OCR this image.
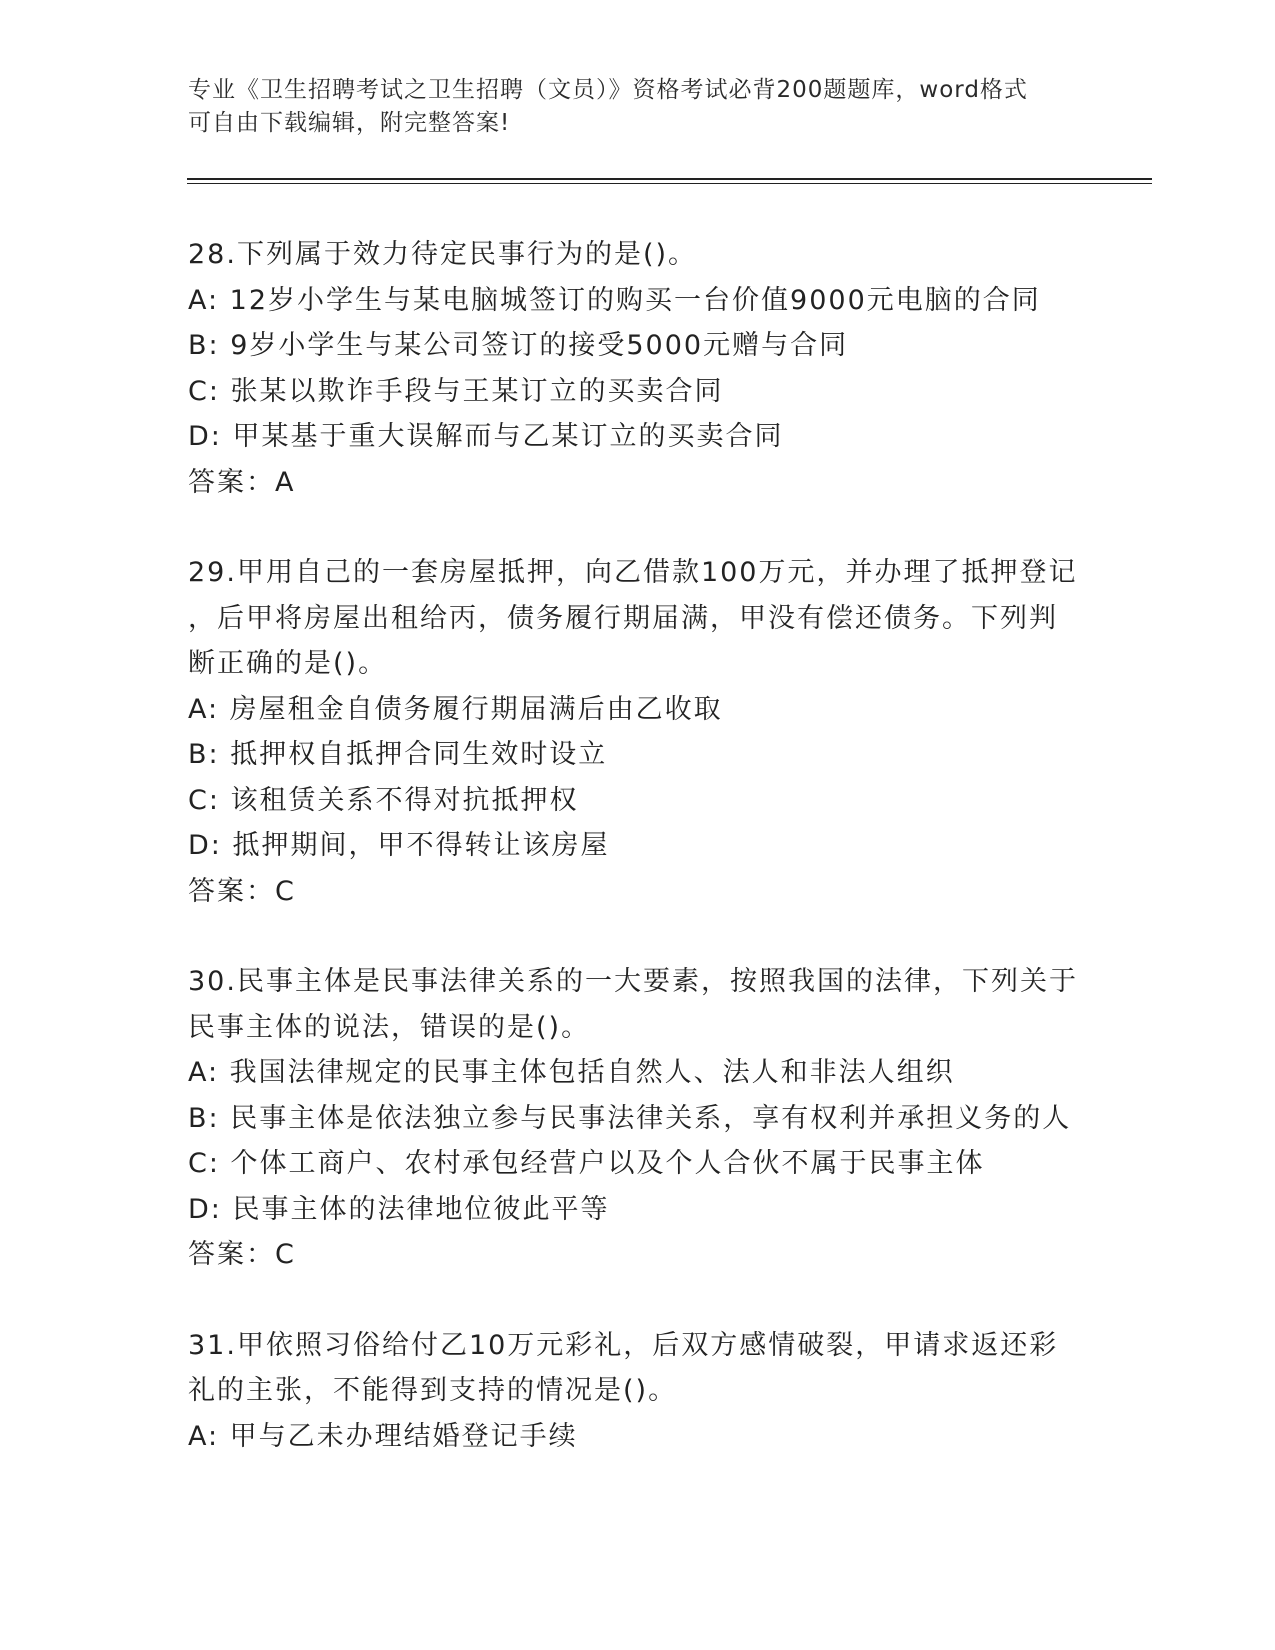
专业《卫生招聘考试之卫生招聘（文员）》资格考试必背200题题库，word格式
可自由下载编辑，附完整答案!
28.下列属于效力待定民事行为的是()。
A: 12岁小学生与某电脑城签订的购买一台价值9000元电脑的合同
B: 9岁小学生与某公司签订的接受5000元赠与合同
C: 张某以欺诈手段与王某订立的买卖合同
D: 甲某基于重大误解而与乙某订立的买卖合同
答案：A
29.甲用自己的一套房屋抵押，向乙借款100万元，并办理了抵押登记
，后甲将房屋出租给丙，债务履行期届满，甲没有偿还债务。下列判
断正确的是()。
A: 房屋租金自债务履行期届满后由乙收取
B: 抵押权自抵押合同生效时设立
C: 该租赁关系不得对抗抵押权
D: 抵押期间，甲不得转让该房屋
答案：C
30.民事主体是民事法律关系的一大要素，按照我国的法律，下列关于
民事主体的说法，错误的是()。
A: 我国法律规定的民事主体包括自然人、法人和非法人组织
B: 民事主体是依法独立参与民事法律关系，享有权利并承担义务的人
C: 个体工商户、农村承包经营户以及个人合伙不属于民事主体
D: 民事主体的法律地位彼此平等
答案：C
31.甲依照习俗给付乙10万元彩礼，后双方感情破裂，甲请求返还彩
礼的主张，不能得到支持的情况是()。
A: 甲与乙未办理结婚登记手续
